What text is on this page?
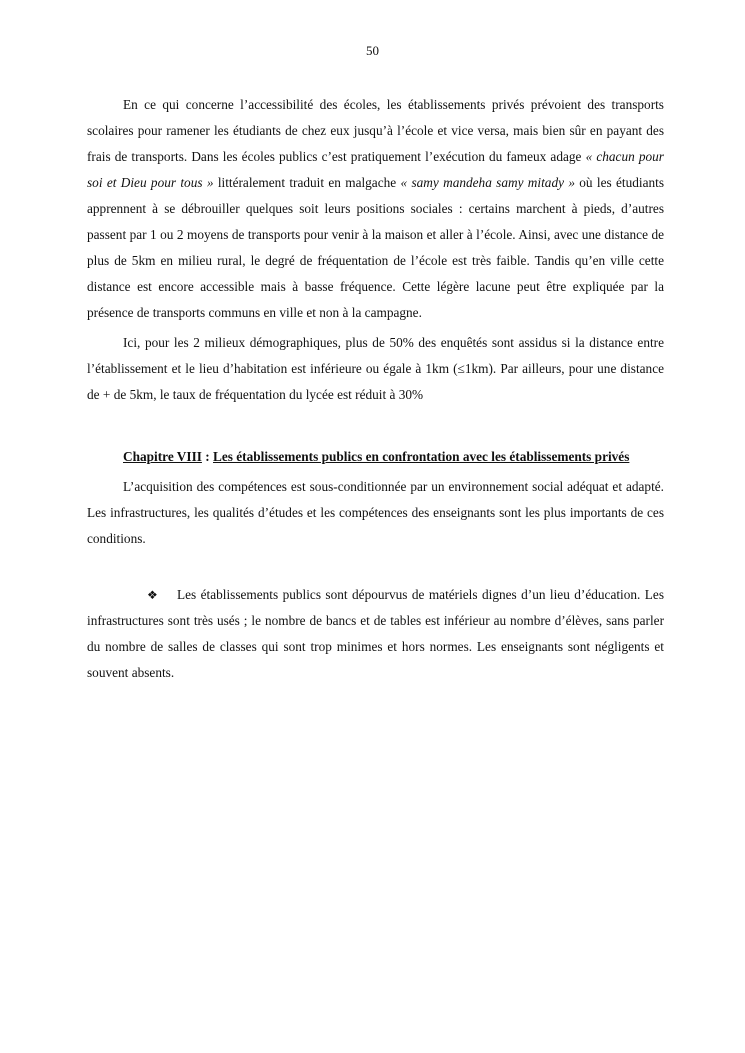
50

En ce qui concerne l’accessibilité des écoles, les établissements privés prévoient des transports scolaires pour ramener les étudiants de chez eux jusqu’à l’école et vice versa, mais bien sûr en payant des frais de transports. Dans les écoles publics c’est pratiquement l’exécution du fameux adage « chacun pour soi et Dieu pour tous » littéralement traduit en malgache « samy mandeha samy mitady » où les étudiants apprennent à se débrouiller quelques soit leurs positions sociales : certains marchent à pieds, d’autres passent par 1 ou 2 moyens de transports pour venir à la maison et aller à l’école. Ainsi, avec une distance de plus de 5km en milieu rural, le degré de fréquentation de l’école est très faible. Tandis qu’en ville cette distance est encore accessible mais à basse fréquence. Cette légère lacune peut être expliquée par la présence de transports communs en ville et non à la campagne.

Ici, pour les 2 milieux démographiques, plus de 50% des enquêtés sont assidus si la distance entre l’établissement et le lieu d’habitation est inférieure ou égale à 1km (≤1km). Par ailleurs, pour une distance de + de 5km, le taux de fréquentation du lycée est réduit à 30%

Chapitre VIII : Les établissements publics en confrontation avec les établissements privés

L’acquisition des compétences est sous-conditionnée par un environnement social adéquat et adapté. Les infrastructures, les qualités d’études et les compétences des enseignants sont les plus importants de ces conditions.

❖ Les établissements publics sont dépourvus de matériels dignes d’un lieu d’éducation. Les infrastructures sont très usés ; le nombre de bancs et de tables est inférieur au nombre d’élèves, sans parler du nombre de salles de classes qui sont trop minimes et hors normes. Les enseignants sont négligents et souvent absents.
